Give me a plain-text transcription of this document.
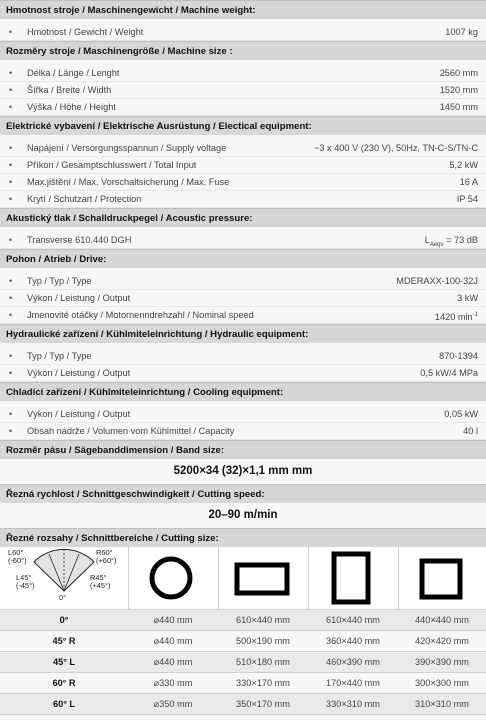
Hmotnost stroje / Maschinengewicht / Machine weight:
• Hmotnost / Gewicht / Weight	1007 kg
Rozměry stroje / Maschinengröße / Machine size :
• Délka / Länge / Lenght	2560 mm
• Šířka / Breite / Width	1520 mm
• Výška / Höhe / Height	1450 mm
Elektrické vybavení / Elektrische Ausrüstung / Electical equipment:
• Napájení / Versorgungsspannun / Supply voltage	~3 x 400 V (230 V), 50Hz, TN-C-S/TN-C
• Příkon / Gesamptschlusswert / Total Input	5,2 kW
• Max.jištění / Max. Vorschaltsicherung / Max. Fuse	16 A
• Krytí / Schutzart / Protection	IP 54
Akustický tlak / Schalldruckpegel / Acoustic pressure:
• Transverse 610.440 DGH	$L_{Aeqv} = 73$ dB
Pohon / Atrieb / Drive:
• Typ / Typ / Type	MDERAXX-100-32J
• Výkon / Leistung / Output	3 kW
• Jmenovité otáčky / Motornenndrehzahl / Nominal speed	1420 $\min^{-1}$
Hydraulické zařízení / Kühlmiteleinrichtung / Hydraulic equipment:
• Typ / Typ / Type	870-1394
• Výkon / Leistung / Output	0,5 kW/4 MPa
Chladící zařízení / Kühlmiteleinrichtung / Cooling equipment:
• Výkon / Leistung / Output	0,05 kW
• Obsah nádrže / Volumen vom Kühlmittel / Capacity	40 l
Rozměr pásu / Sägebanddimension / Band size:
5200×34 (32)×1,1 mm mm
Řezná rychlost / Schnittgeschwindigkeit / Cutting speed:
20–90 m/min
Řezné rozsahy / Schnittbereiche / Cutting size:
L60°
(-60°)
R60°
(+60°)
L45°
(-45°)
R45°
(+45°)
0°
0°	⌀440 mm	610×440 mm	610×440 mm	440×440 mm
45° R	⌀440 mm	500×190 mm	360×440 mm	420×420 mm
45° L	⌀440 mm	510×180 mm	460×390 mm	390×390 mm
60° R	⌀330 mm	330×170 mm	170×440 mm	300×300 mm
60° L	⌀350 mm	350×170 mm	330×310 mm	310×310 mm
